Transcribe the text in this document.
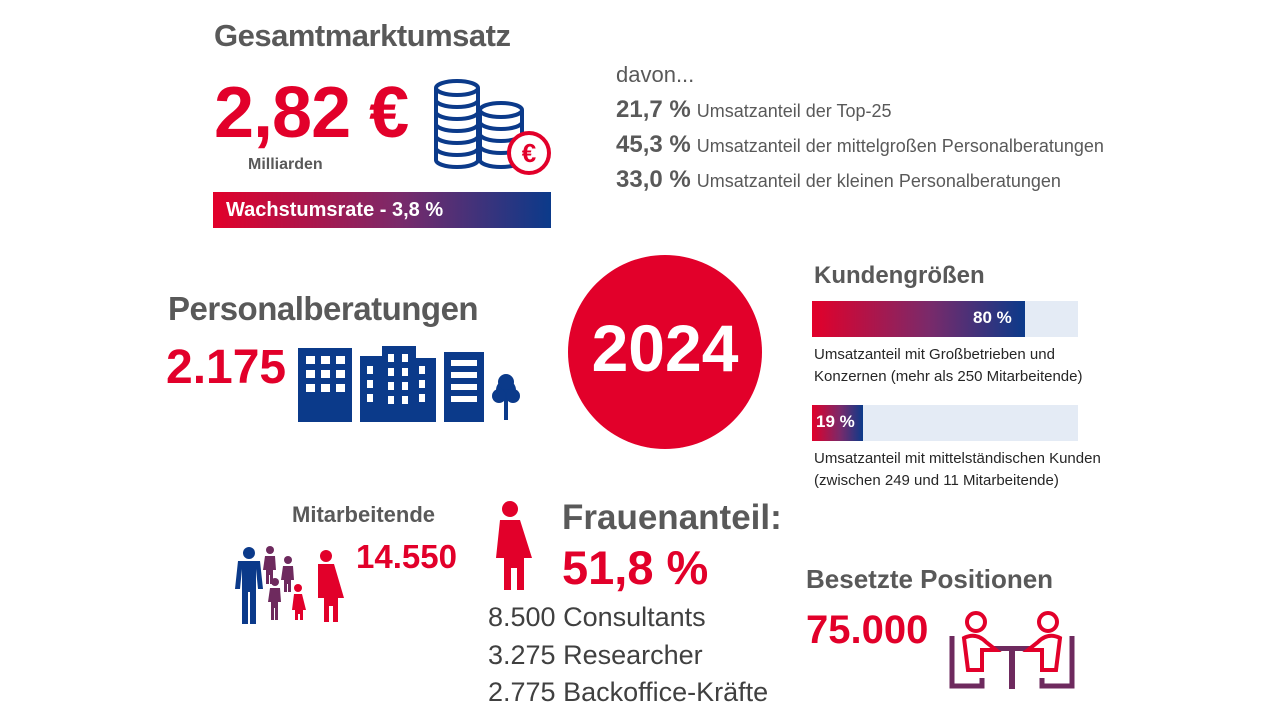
Gesamtmarktumsatz
2,82 €
Milliarden
Wachstumsrate - 3,8 %
€
davon...
21,7 % Umsatzanteil der Top-25
45,3 % Umsatzanteil der mittelgroßen Personalberatungen
33,0 % Umsatzanteil der kleinen Personalberatungen
Personalberatungen
2.175	2024
Kundengrößen
80 %
Umsatzanteil mit Großbetrieben und
Konzernen (mehr als 250 Mitarbeitende)
19 %
Umsatzanteil mit mittelständischen Kunden
(zwischen 249 und 11 Mitarbeitende)
Mitarbeitende
14.550
Frauenanteil:
51,8 %
8.500 Consultants
3.275 Researcher
2.775 Backoffice-Kräfte
Besetzte Positionen
75.000
